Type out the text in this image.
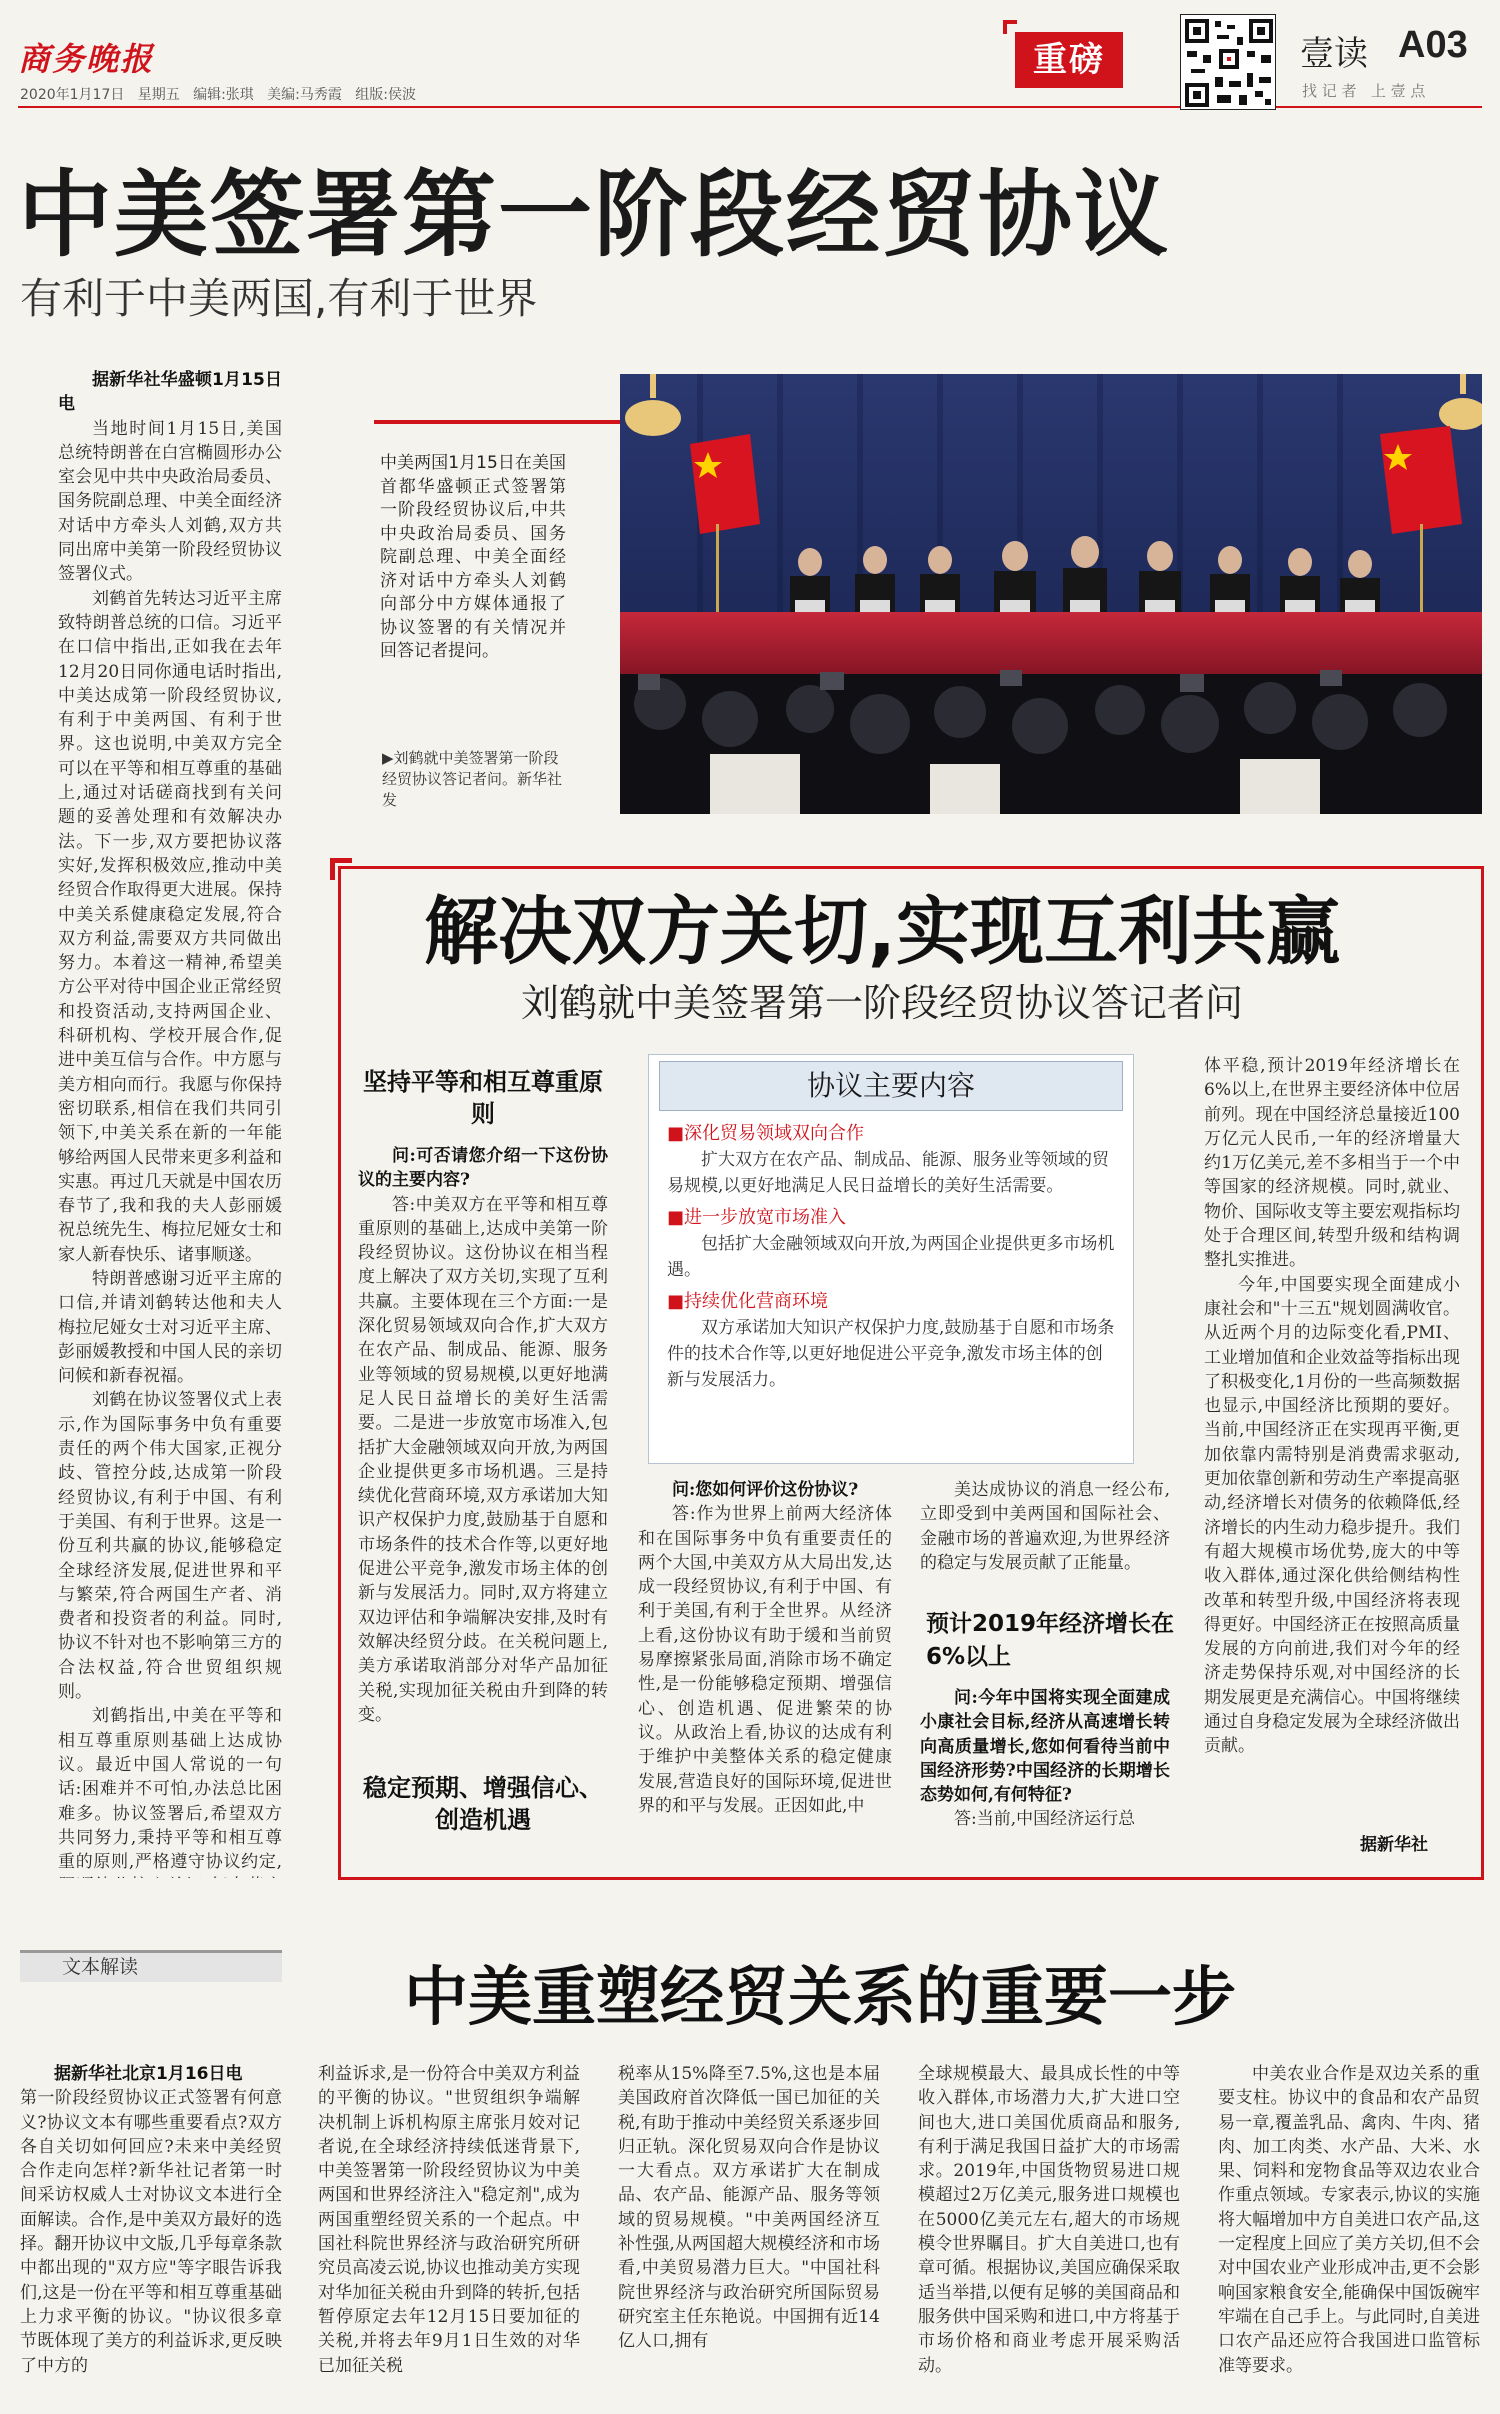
商务晚报
2020年1月17日 星期五 编辑:张琪 美编:马秀霞 组版:侯波
重磅	壹读 A03
找 记 者   上 壹 点
中美签署第一阶段经贸协议
有利于中美两国,有利于世界

据新华社华盛顿1月15日电

当地时间1月15日,美国总统特朗普在白宫椭圆形办公室会见中共中央政治局委员、国务院副总理、中美全面经济对话中方牵头人刘鹤,双方共同出席中美第一阶段经贸协议签署仪式。

刘鹤首先转达习近平主席致特朗普总统的口信。习近平在口信中指出,正如我在去年12月20日同你通电话时指出,中美达成第一阶段经贸协议,有利于中美两国、有利于世界。这也说明,中美双方完全可以在平等和相互尊重的基础上,通过对话磋商找到有关问题的妥善处理和有效解决办法。下一步,双方要把协议落实好,发挥积极效应,推动中美经贸合作取得更大进展。保持中美关系健康稳定发展,符合双方利益,需要双方共同做出努力。本着这一精神,希望美方公平对待中国企业正常经贸和投资活动,支持两国企业、科研机构、学校开展合作,促进中美互信与合作。中方愿与美方相向而行。我愿与你保持密切联系,相信在我们共同引领下,中美关系在新的一年能够给两国人民带来更多利益和实惠。再过几天就是中国农历春节了,我和我的夫人彭丽媛祝总统先生、梅拉尼娅女士和家人新春快乐、诸事顺遂。

特朗普感谢习近平主席的口信,并请刘鹤转达他和夫人梅拉尼娅女士对习近平主席、彭丽媛教授和中国人民的亲切问候和新春祝福。

刘鹤在协议签署仪式上表示,作为国际事务中负有重要责任的两个伟大国家,正视分歧、管控分歧,达成第一阶段经贸协议,有利于中国、有利于美国、有利于世界。这是一份互利共赢的协议,能够稳定全球经济发展,促进世界和平与繁荣,符合两国生产者、消费者和投资者的利益。同时,协议不针对也不影响第三方的合法权益,符合世贸组织规则。

刘鹤指出,中美在平等和相互尊重原则基础上达成协议。最近中国人常说的一句话:困难并不可怕,办法总比困难多。协议签署后,希望双方共同努力,秉持平等和相互尊重的原则,严格遵守协议约定,

中美两国1月15日在美国首都华盛顿正式签署第一阶段经贸协议后,中共中央政治局委员、国务院副总理、中美全面经济对话中方牵头人刘鹤向部分中方媒体通报了协议签署的有关情况并回答记者提问。
▶刘鹤就中美签署第一阶段经贸协议答记者问。新华社发
解决双方关切,实现互利共赢
刘鹤就中美签署第一阶段经贸协议答记者问
坚持平等和相互尊重原则

问:可否请您介绍一下这份协议的主要内容?

答:中美双方在平等和相互尊重原则的基础上,达成中美第一阶段经贸协议。这份协议在相当程度上解决了双方关切,实现了互利共赢。主要体现在三个方面:一是深化贸易领域双向合作,扩大双方在农产品、制成品、能源、服务业等领域的贸易规模,以更好地满足人民日益增长的美好生活需要。二是进一步放宽市场准入,包括扩大金融领域双向开放,为两国企业提供更多市场机遇。三是持续优化营商环境,双方承诺加大知识产权保护力度,鼓励基于自愿和市场条件的技术合作等,以更好地促进公平竞争,激发市场主体的创新与发展活力。同时,双方将建立双边评估和争端解决安排,及时有效解决经贸分歧。在关税问题上,美方承诺取消部分对华产品加征关税,实现加征关税由升到降的转变。

稳定预期、增强信心、创造机遇
协议主要内容
■深化贸易领域双向合作

扩大双方在农产品、制成品、能源、服务业等领域的贸易规模,以更好地满足人民日益增长的美好生活需要。

■进一步放宽市场准入

包括扩大金融领域双向开放,为两国企业提供更多市场机遇。

■持续优化营商环境

双方承诺加大知识产权保护力度,鼓励基于自愿和市场条件的技术合作等,以更好地促进公平竞争,激发市场主体的创新与发展活力。

问:您如何评价这份协议?

答:作为世界上前两大经济体和在国际事务中负有重要责任的两个大国,中美双方从大局出发,达成一段经贸协议,有利于中国、有利于美国,有利于全世界。从经济上看,这份协议有助于缓和当前贸易摩擦紧张局面,消除市场不确定性,是一份能够稳定预期、增强信心、创造机遇、促进繁荣的协议。从政治上看,协议的达成有利于维护中美整体关系的稳定健康发展,营造良好的国际环境,促进世界的和平与发展。正因如此,中

美达成协议的消息一经公布,立即受到中美两国和国际社会、金融市场的普遍欢迎,为世界经济的稳定与发展贡献了正能量。

预计2019年经济增长在6%以上

问:今年中国将实现全面建成小康社会目标,经济从高速增长转向高质量增长,您如何看待当前中国经济形势?中国经济的长期增长态势如何,有何特征?

答:当前,中国经济运行总

体平稳,预计2019年经济增长在6%以上,在世界主要经济体中位居前列。现在中国经济总量接近100万亿元人民币,一年的经济增量大约1万亿美元,差不多相当于一个中等国家的经济规模。同时,就业、物价、国际收支等主要宏观指标均处于合理区间,转型升级和结构调整扎实推进。

今年,中国要实现全面建成小康社会和"十三五"规划圆满收官。从近两个月的边际变化看,PMI、工业增加值和企业效益等指标出现了积极变化,1月份的一些高频数据也显示,中国经济比预期的要好。当前,中国经济正在实现再平衡,更加依靠内需特别是消费需求驱动,更加依靠创新和劳动生产率提高驱动,经济增长对债务的依赖降低,经济增长的内生动力稳步提升。我们有超大规模市场优势,庞大的中等收入群体,通过深化供给侧结构性改革和转型升级,中国经济将表现得更好。中国经济正在按照高质量发展的方向前进,我们对今年的经济走势保持乐观,对中国经济的长期发展更是充满信心。中国将继续通过自身稳定发展为全球经济做出贡献。

据新华社
文本解读	中美重塑经贸关系的重要一步

据新华社北京1月16日电

第一阶段经贸协议正式签署有何意义?协议文本有哪些重要看点?双方各自关切如何回应?未来中美经贸合作走向怎样?新华社记者第一时间采访权威人士对协议文本进行全面解读。合作,是中美双方最好的选择。翻开协议中文版,几乎每章条款中都出现的"双方应"等字眼告诉我们,这是一份在平等和相互尊重基础上力求平衡的协议。"协议很多章节既体现了美方的利益诉求,更反映了中方的

利益诉求,是一份符合中美双方利益的平衡的协议。"世贸组织争端解决机制上诉机构原主席张月姣对记者说,在全球经济持续低迷背景下,中美签署第一阶段经贸协议为中美两国和世界经济注入"稳定剂",成为两国重塑经贸关系的一个起点。中国社科院世界经济与政治研究所研究员高凌云说,协议也推动美方实现对华加征关税由升到降的转折,包括暂停原定去年12月15日要加征的关税,并将去年9月1日生效的对华已加征关税

税率从15%降至7.5%,这也是本届美国政府首次降低一国已加征的关税,有助于推动中美经贸关系逐步回归正轨。深化贸易双向合作是协议一大看点。双方承诺扩大在制成品、农产品、能源产品、服务等领域的贸易规模。"中美两国经济互补性强,从两国超大规模经济和市场看,中美贸易潜力巨大。"中国社科院世界经济与政治研究所国际贸易研究室主任东艳说。中国拥有近14亿人口,拥有

全球规模最大、最具成长性的中等收入群体,市场潜力大,扩大进口空间也大,进口美国优质商品和服务,有利于满足我国日益扩大的市场需求。2019年,中国货物贸易进口规模超过2万亿美元,服务进口规模也在5000亿美元左右,超大的市场规模令世界瞩目。扩大自美进口,也有章可循。根据协议,美国应确保采取适当举措,以便有足够的美国商品和服务供中国采购和进口,中方将基于市场价格和商业考虑开展采购活动。

中美农业合作是双边关系的重要支柱。协议中的食品和农产品贸易一章,覆盖乳品、禽肉、牛肉、猪肉、加工肉类、水产品、大米、水果、饲料和宠物食品等双边农业合作重点领域。专家表示,协议的实施将大幅增加中方自美进口农产品,这一定程度上回应了美方关切,但不会对中国农业产业形成冲击,更不会影响国家粮食安全,能确保中国饭碗牢牢端在自己手上。与此同时,自美进口农产品还应符合我国进口监管标准等要求。
